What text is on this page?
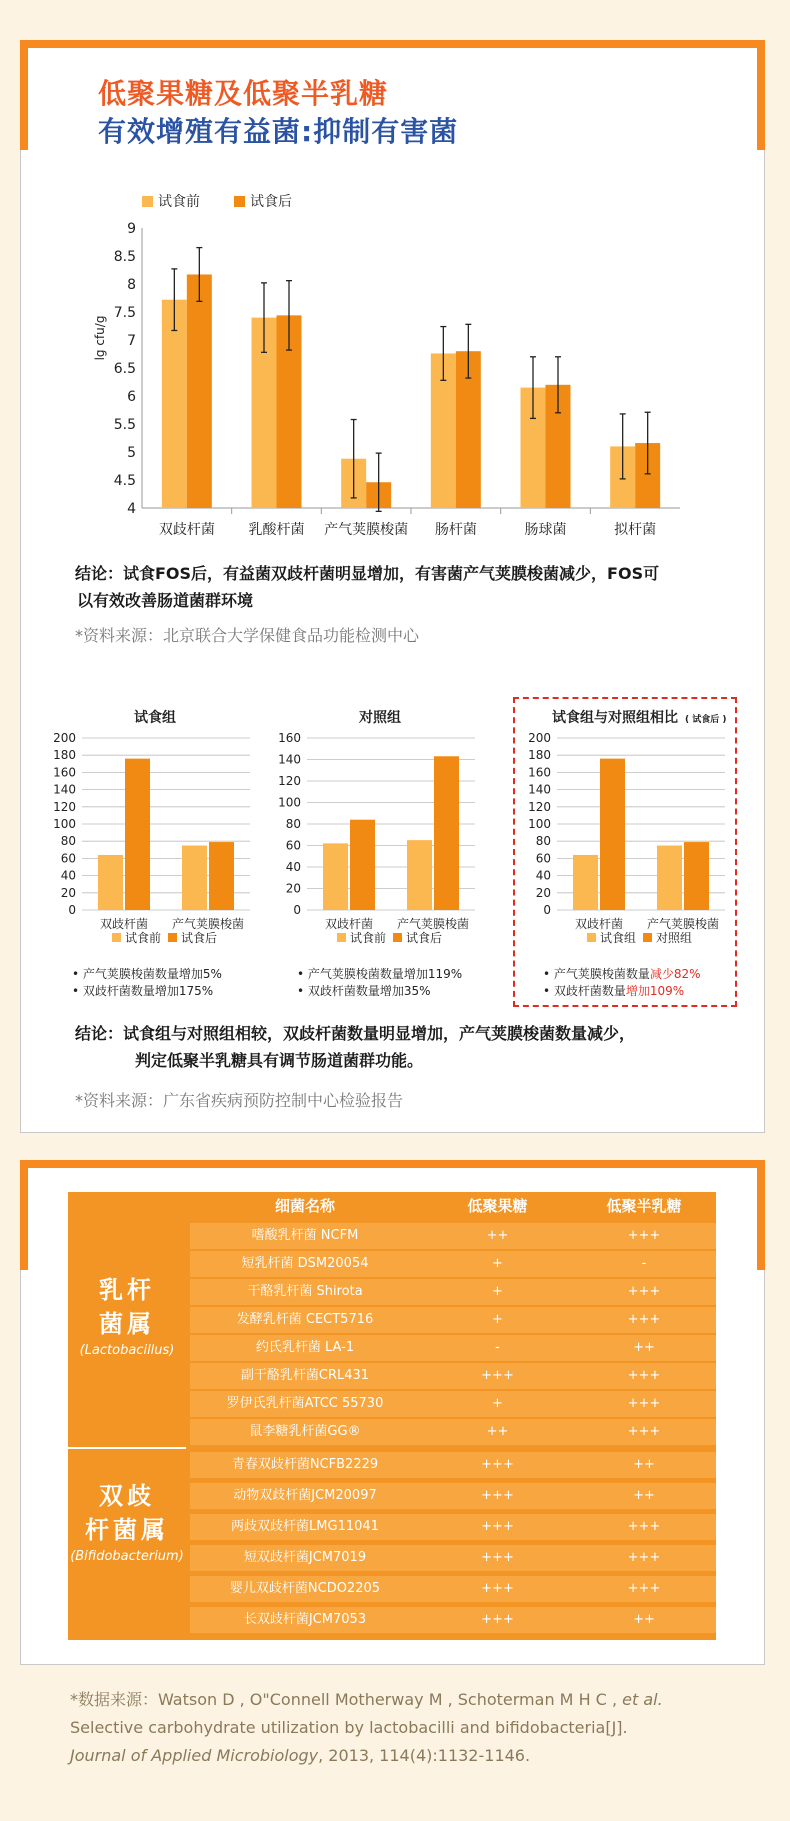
低聚果糖及低聚半乳糖
有效增殖有益菌:抑制有害菌
试食前	试食后
lg cfu/g
4
4.5
5
5.5
6
6.5
7
7.5
8
8.5
9
双歧杆菌 乳酸杆菌 产气荚膜梭菌 肠杆菌	肠球菌	拟杆菌
结论：试食FOS后，有益菌双歧杆菌明显增加，有害菌产气荚膜梭菌减少，FOS可
以有效改善肠道菌群环境
*资料来源：北京联合大学保健食品功能检测中心
试食组
0
20
40
60
80
100
120
140
160
180
200
双歧杆菌 产气荚膜梭菌
试食前 试食后
对照组
0
20
40
60
80
100
120
140
160
双歧杆菌 产气荚膜梭菌
试食前 试食后
试食组与对照组相比 ( 试食后 )
0
20
40
60
80
100
120
140
160
180
200
双歧杆菌 产气荚膜梭菌
试食组 对照组
• 产气荚膜梭菌数量增加5%
• 双歧杆菌数量增加175%
• 产气荚膜梭菌数量增加119%
• 双歧杆菌数量增加35%
• 产气荚膜梭菌数量减少82%
• 双歧杆菌数量增加109%
结论：试食组与对照组相较，双歧杆菌数量明显增加，产气荚膜梭菌数量减少，
判定低聚半乳糖具有调节肠道菌群功能。
*资料来源：广东省疾病预防控制中心检验报告
细菌名称	低聚果糖	低聚半乳糖
乳杆
菌属
(Lactobacillus)
双歧
杆菌属
(Bifidobacterium)
嗜酸乳杆菌 NCFM	++	+++
短乳杆菌 DSM20054	+	-
干酪乳杆菌 Shirota	+	+++
发酵乳杆菌 CECT5716	+	+++
约氏乳杆菌 LA-1	-	++
副干酪乳杆菌CRL431	+++	+++
罗伊氏乳杆菌ATCC 55730	+	+++
鼠李糖乳杆菌GG®	++	+++
青春双歧杆菌NCFB2229	+++	++
动物双歧杆菌JCM20097	+++	++
两歧双歧杆菌LMG11041	+++	+++
短双歧杆菌JCM7019	+++	+++
婴儿双歧杆菌NCDO2205	+++	+++
长双歧杆菌JCM7053	+++	++
*数据来源：Watson D , O"Connell Motherway M , Schoterman M H C , et al.
Selective carbohydrate utilization by lactobacilli and bifidobacteria[J].
Journal of Applied Microbiology, 2013, 114(4):1132-1146.
